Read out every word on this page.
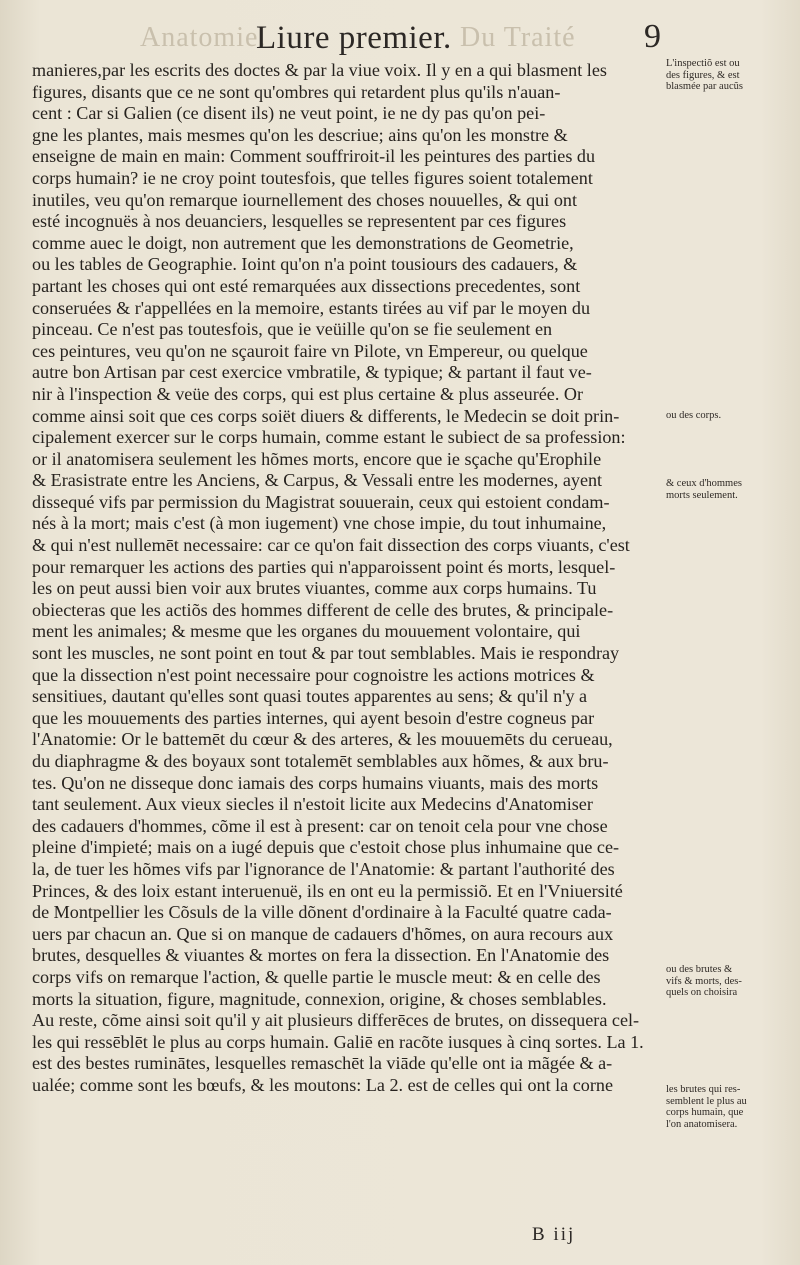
Anatomie.	Du Traité
Liure premier.	9
manieres,par les escrits des doctes & par la viue voix. Il y en a qui blasment les
figures, disants que ce ne sont qu'ombres qui retardent plus qu'ils n'auan-
cent : Car si Galien (ce disent ils) ne veut point, ie ne dy pas qu'on pei-
gne les plantes, mais mesmes qu'on les descriue; ains qu'on les monstre &
enseigne de main en main: Comment souffriroit-il les peintures des parties du
corps humain? ie ne croy point toutesfois, que telles figures soient totalement
inutiles, veu qu'on remarque iournellement des choses nouuelles, & qui ont
esté incognuës à nos deuanciers, lesquelles se representent par ces figures
comme auec le doigt, non autrement que les demonstrations de Geometrie,
ou les tables de Geographie. Ioint qu'on n'a point tousiours des cadauers, &
partant les choses qui ont esté remarquées aux dissections precedentes, sont
conseruées & r'appellées en la memoire, estants tirées au vif par le moyen du
pinceau. Ce n'est pas toutesfois, que ie veüille qu'on se fie seulement en
ces peintures, veu qu'on ne sçauroit faire vn Pilote, vn Empereur, ou quelque
autre bon Artisan par cest exercice vmbratile, & typique; & partant il faut ve-
nir à l'inspection & veüe des corps, qui est plus certaine & plus asseurée. Or
comme ainsi soit que ces corps soiët diuers & differents, le Medecin se doit prin-
cipalement exercer sur le corps humain, comme estant le subiect de sa profession:
or il anatomisera seulement les hõmes morts, encore que ie sçache qu'Erophile
& Erasistrate entre les Anciens, & Carpus, & Vessali entre les modernes, ayent
dissequé vifs par permission du Magistrat souuerain, ceux qui estoient condam-
nés à la mort; mais c'est (à mon iugement) vne chose impie, du tout inhumaine,
& qui n'est nullemēt necessaire: car ce qu'on fait dissection des corps viuants, c'est
pour remarquer les actions des parties qui n'apparoissent point és morts, lesquel-
les on peut aussi bien voir aux brutes viuantes, comme aux corps humains. Tu
obiecteras que les actiõs des hommes different de celle des brutes, & principale-
ment les animales; & mesme que les organes du mouuement volontaire, qui
sont les muscles, ne sont point en tout & par tout semblables. Mais ie respondray
que la dissection n'est point necessaire pour cognoistre les actions motrices &
sensitiues, dautant qu'elles sont quasi toutes apparentes au sens; & qu'il n'y a
que les mouuements des parties internes, qui ayent besoin d'estre cogneus par
l'Anatomie: Or le battemēt du cœur & des arteres, & les mouuemēts du cerueau,
du diaphragme & des boyaux sont totalemēt semblables aux hõmes, & aux bru-
tes. Qu'on ne disseque donc iamais des corps humains viuants, mais des morts
tant seulement. Aux vieux siecles il n'estoit licite aux Medecins d'Anatomiser
des cadauers d'hommes, cõme il est à present: car on tenoit cela pour vne chose
pleine d'impieté; mais on a iugé depuis que c'estoit chose plus inhumaine que ce-
la, de tuer les hõmes vifs par l'ignorance de l'Anatomie: & partant l'authorité des
Princes, & des loix estant interuenuë, ils en ont eu la permissiõ. Et en l'Vniuersité
de Montpellier les Cõsuls de la ville dõnent d'ordinaire à la Faculté quatre cada-
uers par chacun an. Que si on manque de cadauers d'hõmes, on aura recours aux
brutes, desquelles & viuantes & mortes on fera la dissection. En l'Anatomie des
corps vifs on remarque l'action, & quelle partie le muscle meut: & en celle des
morts la situation, figure, magnitude, connexion, origine, & choses semblables.
Au reste, cõme ainsi soit qu'il y ait plusieurs differēces de brutes, on dissequera cel-
les qui ressēblēt le plus au corps humain. Galiē en racõte iusques à cinq sortes. La 1.
est des bestes ruminātes, lesquelles remaschēt la viāde qu'elle ont ia mãgée & a-
ualée; comme sont les bœufs, & les moutons: La 2. est de celles qui ont la corne
L'inspectiõ est ou
des figures, & est
blasmée par aucũs
ou des corps.
& ceux d'hommes
morts seulement.
ou des brutes &
vifs & morts, des-
quels on choisira
les brutes qui res-
semblent le plus au
corps humain, que
l'on anatomisera.
B iij
